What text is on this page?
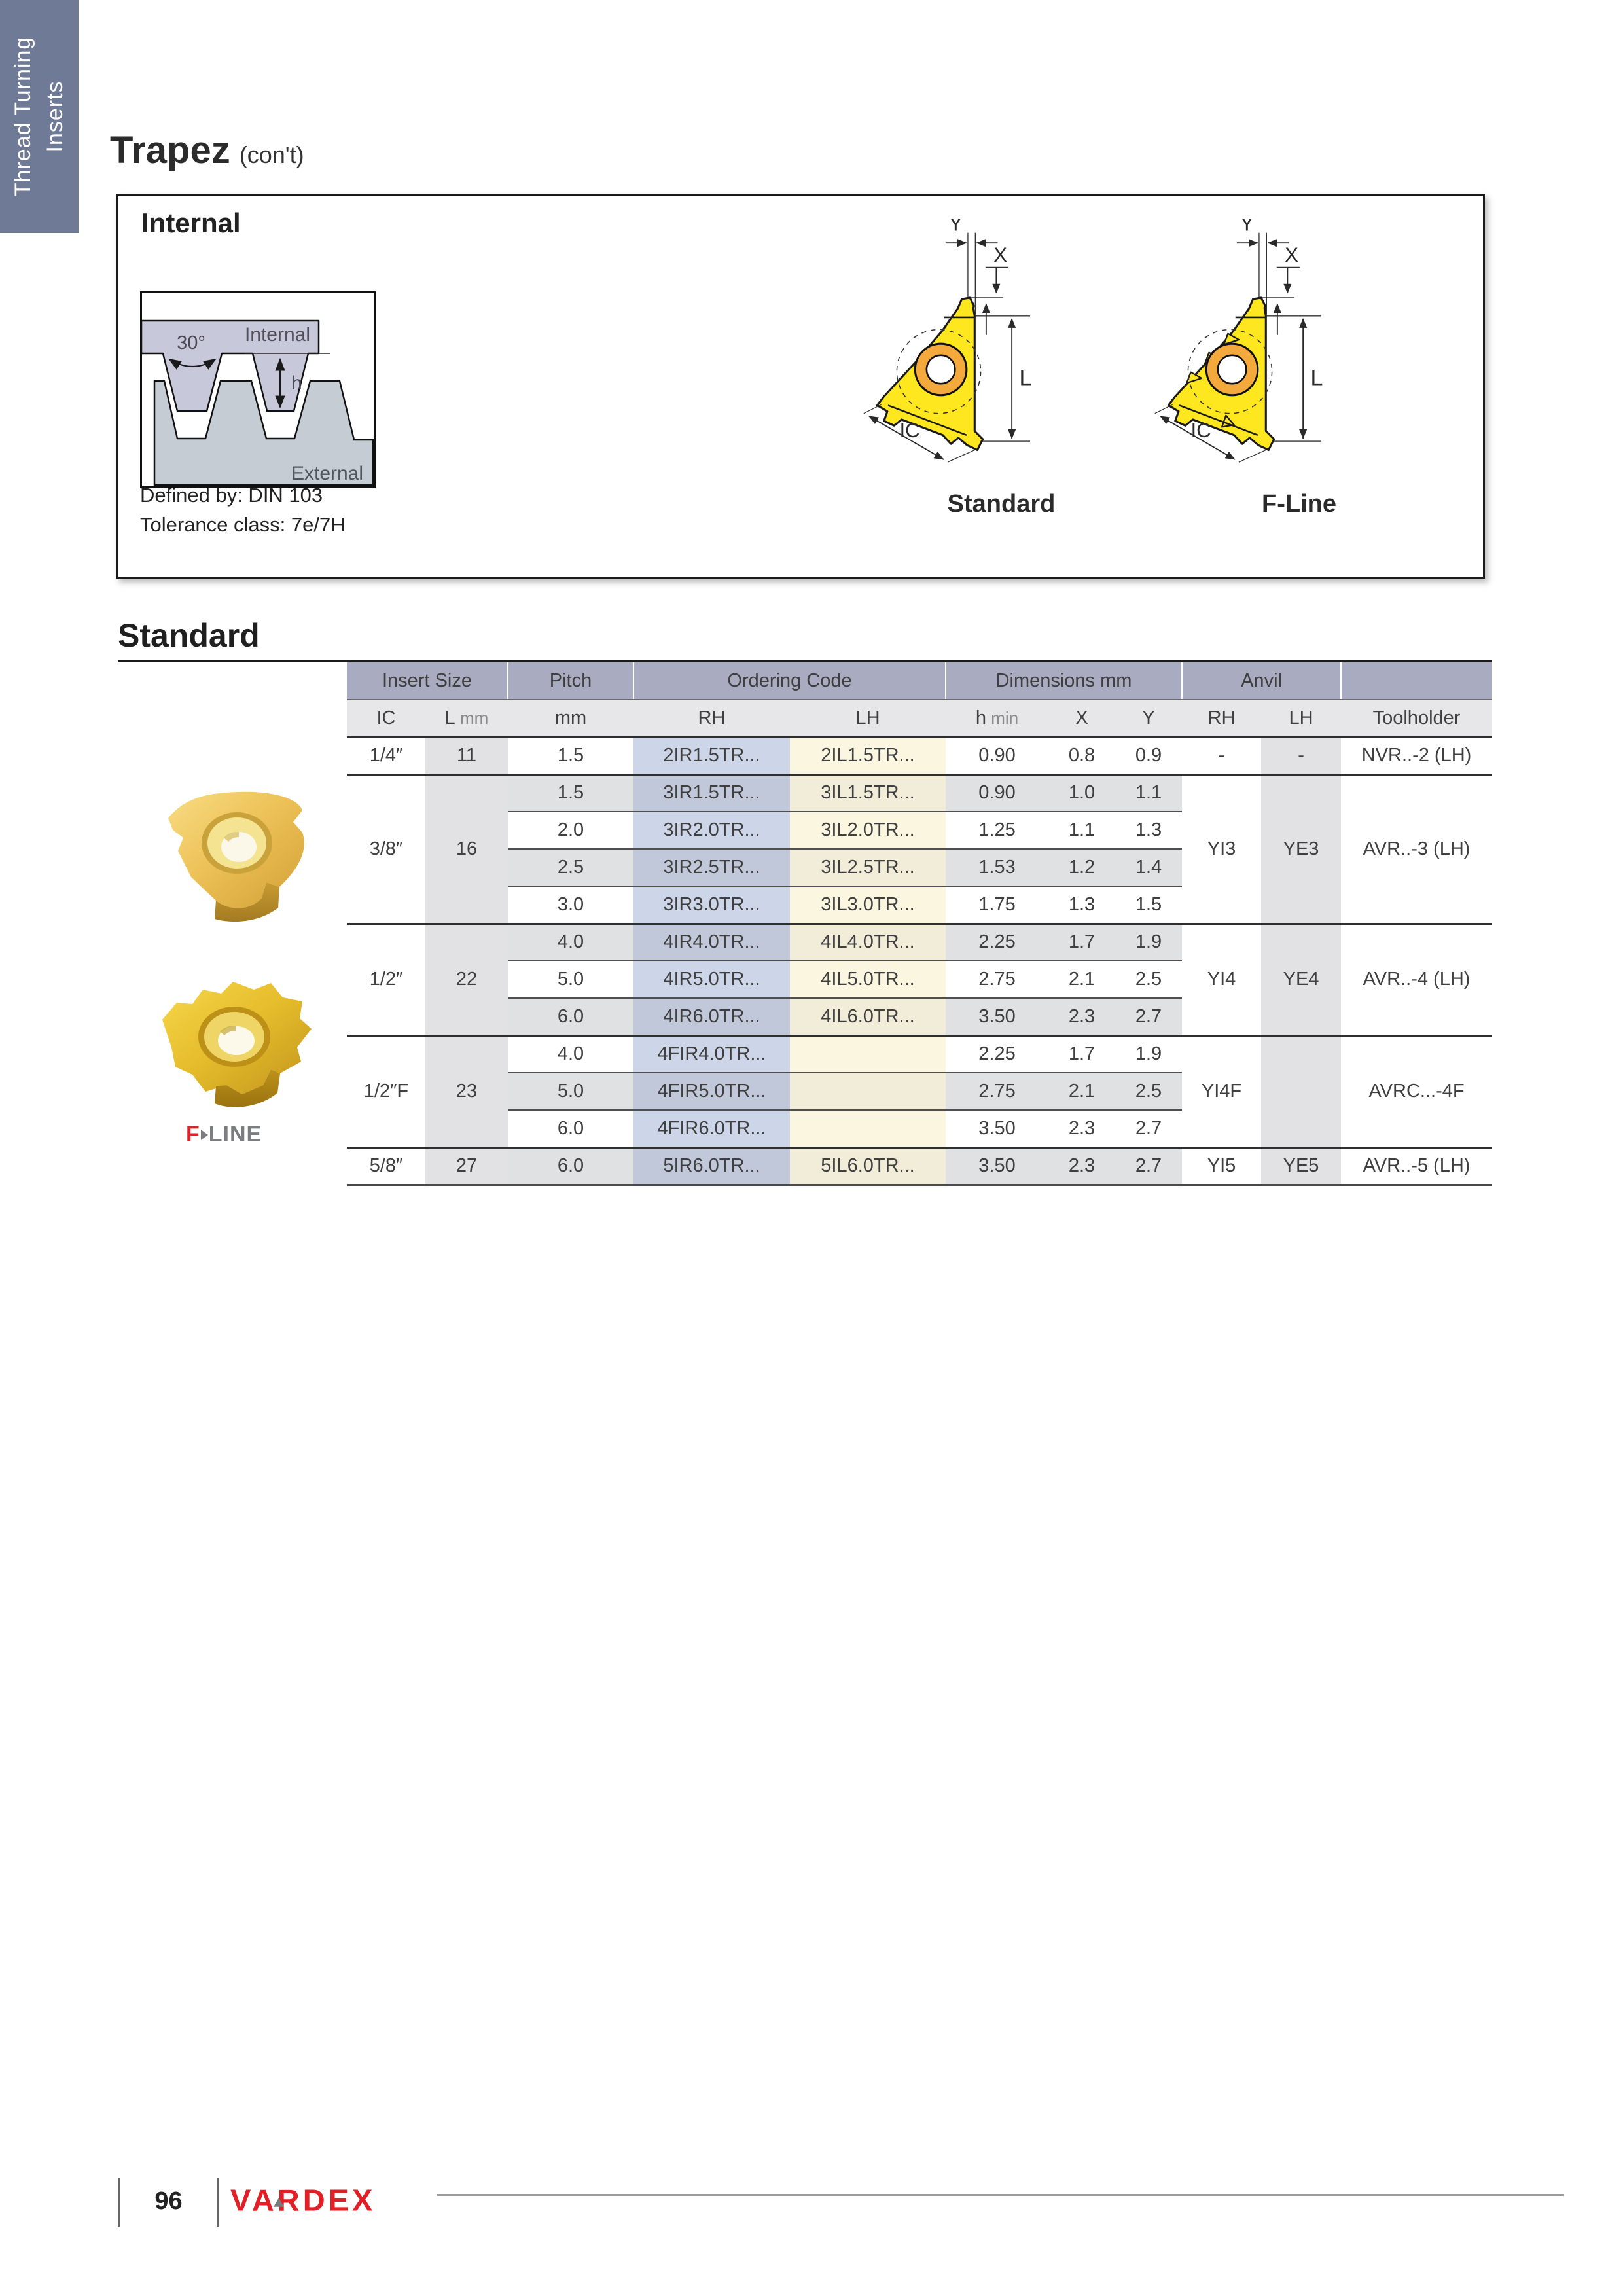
Thread Turning Inserts Trapez (con't)
Internal
30°
h
Internal
External
Defined by: DIN 103
Tolerance class: 7e/7H
Y
X
L
IC
Y
X
L
IC
Standard	F-Line
Standard
Insert Size		Pitch	Ordering Code		Dimensions mm			Anvil		
IC	L mm	mm	RH	LH	h min	X	Y	RH	LH	Toolholder
1/4″	11	1.5	2IR1.5TR...	2IL1.5TR...	0.90	0.8	0.9	-	-	NVR..-2 (LH)
3/8″	16	1.5	3IR1.5TR...	3IL1.5TR...	0.90	1.0	1.1	YI3	YE3	AVR..-3 (LH)
		2.0	3IR2.0TR...	3IL2.0TR...	1.25	1.1	1.3			
		2.5	3IR2.5TR...	3IL2.5TR...	1.53	1.2	1.4			
		3.0	3IR3.0TR...	3IL3.0TR...	1.75	1.3	1.5			
1/2″	22	4.0	4IR4.0TR...	4IL4.0TR...	2.25	1.7	1.9	YI4	YE4	AVR..-4 (LH)
		5.0	4IR5.0TR...	4IL5.0TR...	2.75	2.1	2.5			
		6.0	4IR6.0TR...	4IL6.0TR...	3.50	2.3	2.7			
1/2″F	23	4.0	4FIR4.0TR...		2.25	1.7	1.9	YI4F		AVRC...-4F
		5.0	4FIR5.0TR...		2.75	2.1	2.5			
		6.0	4FIR6.0TR...		3.50	2.3	2.7			
5/8″	27	6.0	5IR6.0TR...	5IL6.0TR...	3.50	2.3	2.7	YI5	YE5	AVR..-5 (LH)
F LINE
96	VARDEX
